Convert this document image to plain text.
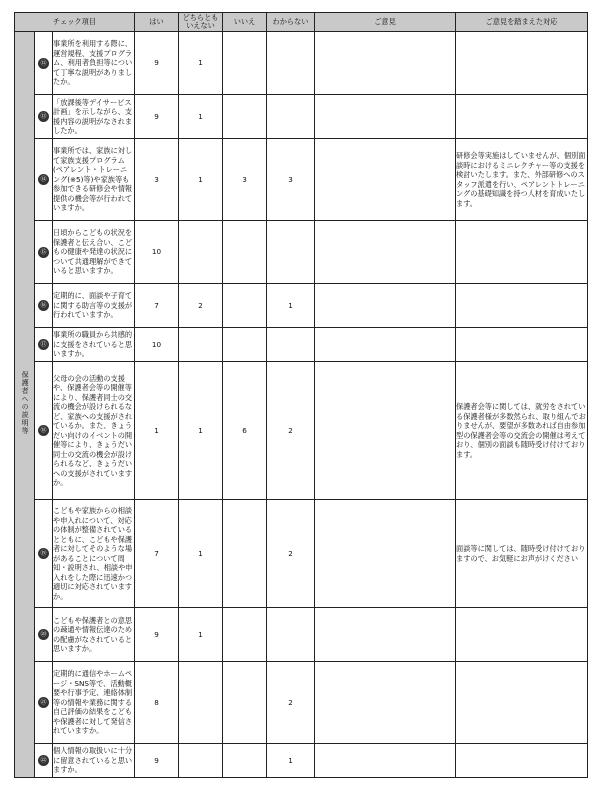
チェック項目			はい	どちらとも
いえない	いいえ	わからない	ご意見	ご意見を踏まえた対応
保護者への説明等	⑫	事業所を利用する際に、運営規程、支援プログラム、利用者負担等について丁寧な説明がありましたか。	9	1				
	⑬	「放課後等デイサービス計画」を示しながら、支援内容の説明がなされましたか。	9	1				
	⑭	事業所では、家族に対して家族支援プログラム(ペアレント・トレーニング(※5)等)や家族等も参加できる研修会や情報提供の機会等が行われていますか。	3	1	3	3		研修会等実施はしていませんが、個別面談時におけるミニレクチャー等の支援を検討いたします。また、外部研修へのスタッフ派遣を行い、ペアレントトレーニングの基礎知識を持つ人材を育成いたします。
	⑮	日頃からこどもの状況を保護者と伝え合い、こどもの健康や発達の状況について共通理解ができていると思いますか。	10					
	⑯	定期的に、面談や子育てに関する助言等の支援が行われていますか。	7	2		1		
	⑰	事業所の職員から共感的に支援をされていると思いますか。	10					
	⑱	父母の会の活動の支援や、保護者会等の開催等により、保護者同士の交流の機会が設けられるなど、家族への支援がされているか。また、きょうだい向けのイベントの開催等により、きょうだい同士の交流の機会が設けられるなど、きょうだいへの支援がされていますか。	1	1	6	2		保護者会等に関しては、就労をされている保護者様が多数然られ、取り組んでおりませんが、要望が多数あれば自由参加型の保護者会等の交流会の開催は考えており、個別の面談も随時受け付けております。
	⑲	こどもや家族からの相談や申入れについて、対応の体制が整備されているとともに、こどもや保護者に対してそのような場があることについて周知・説明され、相談や申入れをした際に迅速かつ適切に対応されていますか。	7	1		2		面談等に関しては、随時受け付けておりますので、お気軽にお声がけください
	⑳	こどもや保護者との意思の疎通や情報伝達のための配慮がなされていると思いますか。	9	1				
	㉑	定期的に通信やホームページ・SNS等で、活動概要や行事予定、連絡体制等の情報や業務に関する自己評価の結果をこどもや保護者に対して発信されていますか。	8			2		
	㉒	個人情報の取扱いに十分に留意されていると思いますか。	9			1		
